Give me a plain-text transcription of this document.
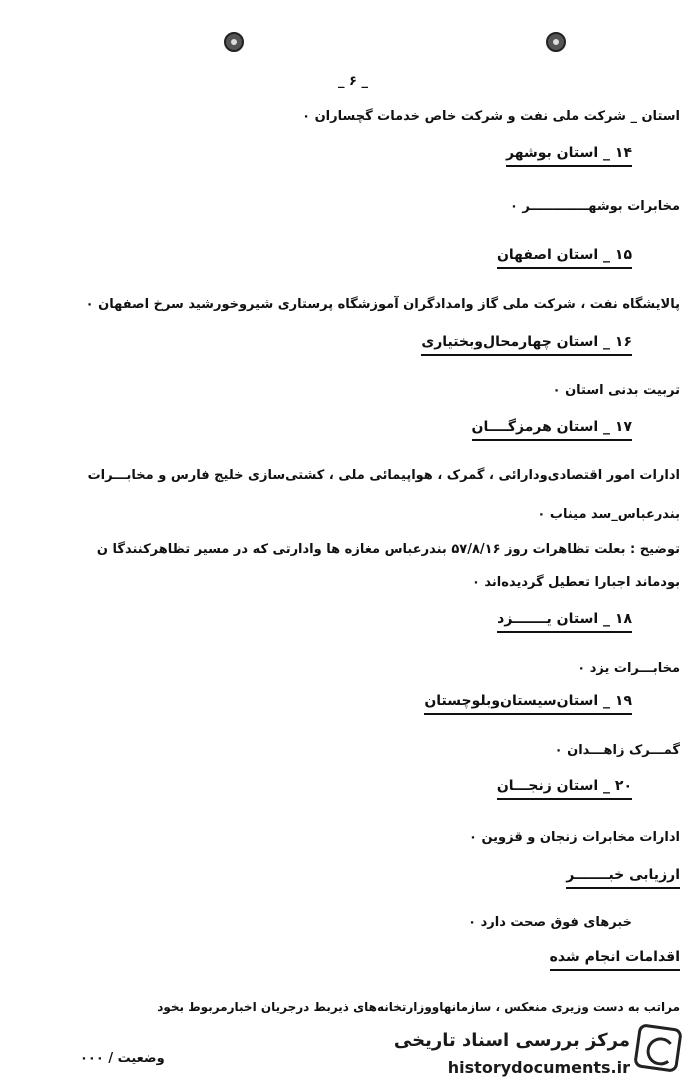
_ ۶ _
استان _ شرکت ملی نفت و شرکت خاص خدمات گچساران ۰
۱۴ _ استان بوشهر
مخابرات بوشهـــــــــــــر ۰
۱۵ _ استان اصفهان
پالایشگاه نفت ، شرکت ملی گاز وامدادگران آموزشگاه پرستاری شیروخورشید سرخ اصفهان ۰
۱۶ _ استان چهارمحال‌وبختیاری
تربیت بدنی استان ۰
۱۷ _ استان هرمزگــــان
ادارات امور اقتصادی‌ودارائی ، گمرک ، هواپیمائی ملی ، کشتی‌سازی خلیج فارس و مخابـــرات
بندرعباس_سد میناب ۰
توضیح : بعلت تظاهرات روز ۵۷/۸/۱۶ بندرعباس مغازه ها وادارتی که در مسیر تظاهرکنندگا ن
بودماند اجبارا تعطیل گردیده‌اند ۰
۱۸ _ استان یـــــــزد
مخابـــرات یزد ۰
۱۹ _ استان‌سیستان‌وبلوچستان
گمـــرک زاهـــدان ۰
۲۰ _ استان زنجـــان
ادارات مخابرات زنجان و قزوین ۰
ارزیابی خبـــــــر
خبرهای فوق صحت دارد ۰
اقدامات انجام شده
مراتب به دست وزیری منعکس ، سازمانهاووزارتخانه‌های ذیربط درجریان اخبارمربوط بخود
وضعیت / ۰۰۰
مرکز بررسی اسناد تاریخی
historydocuments.ir
